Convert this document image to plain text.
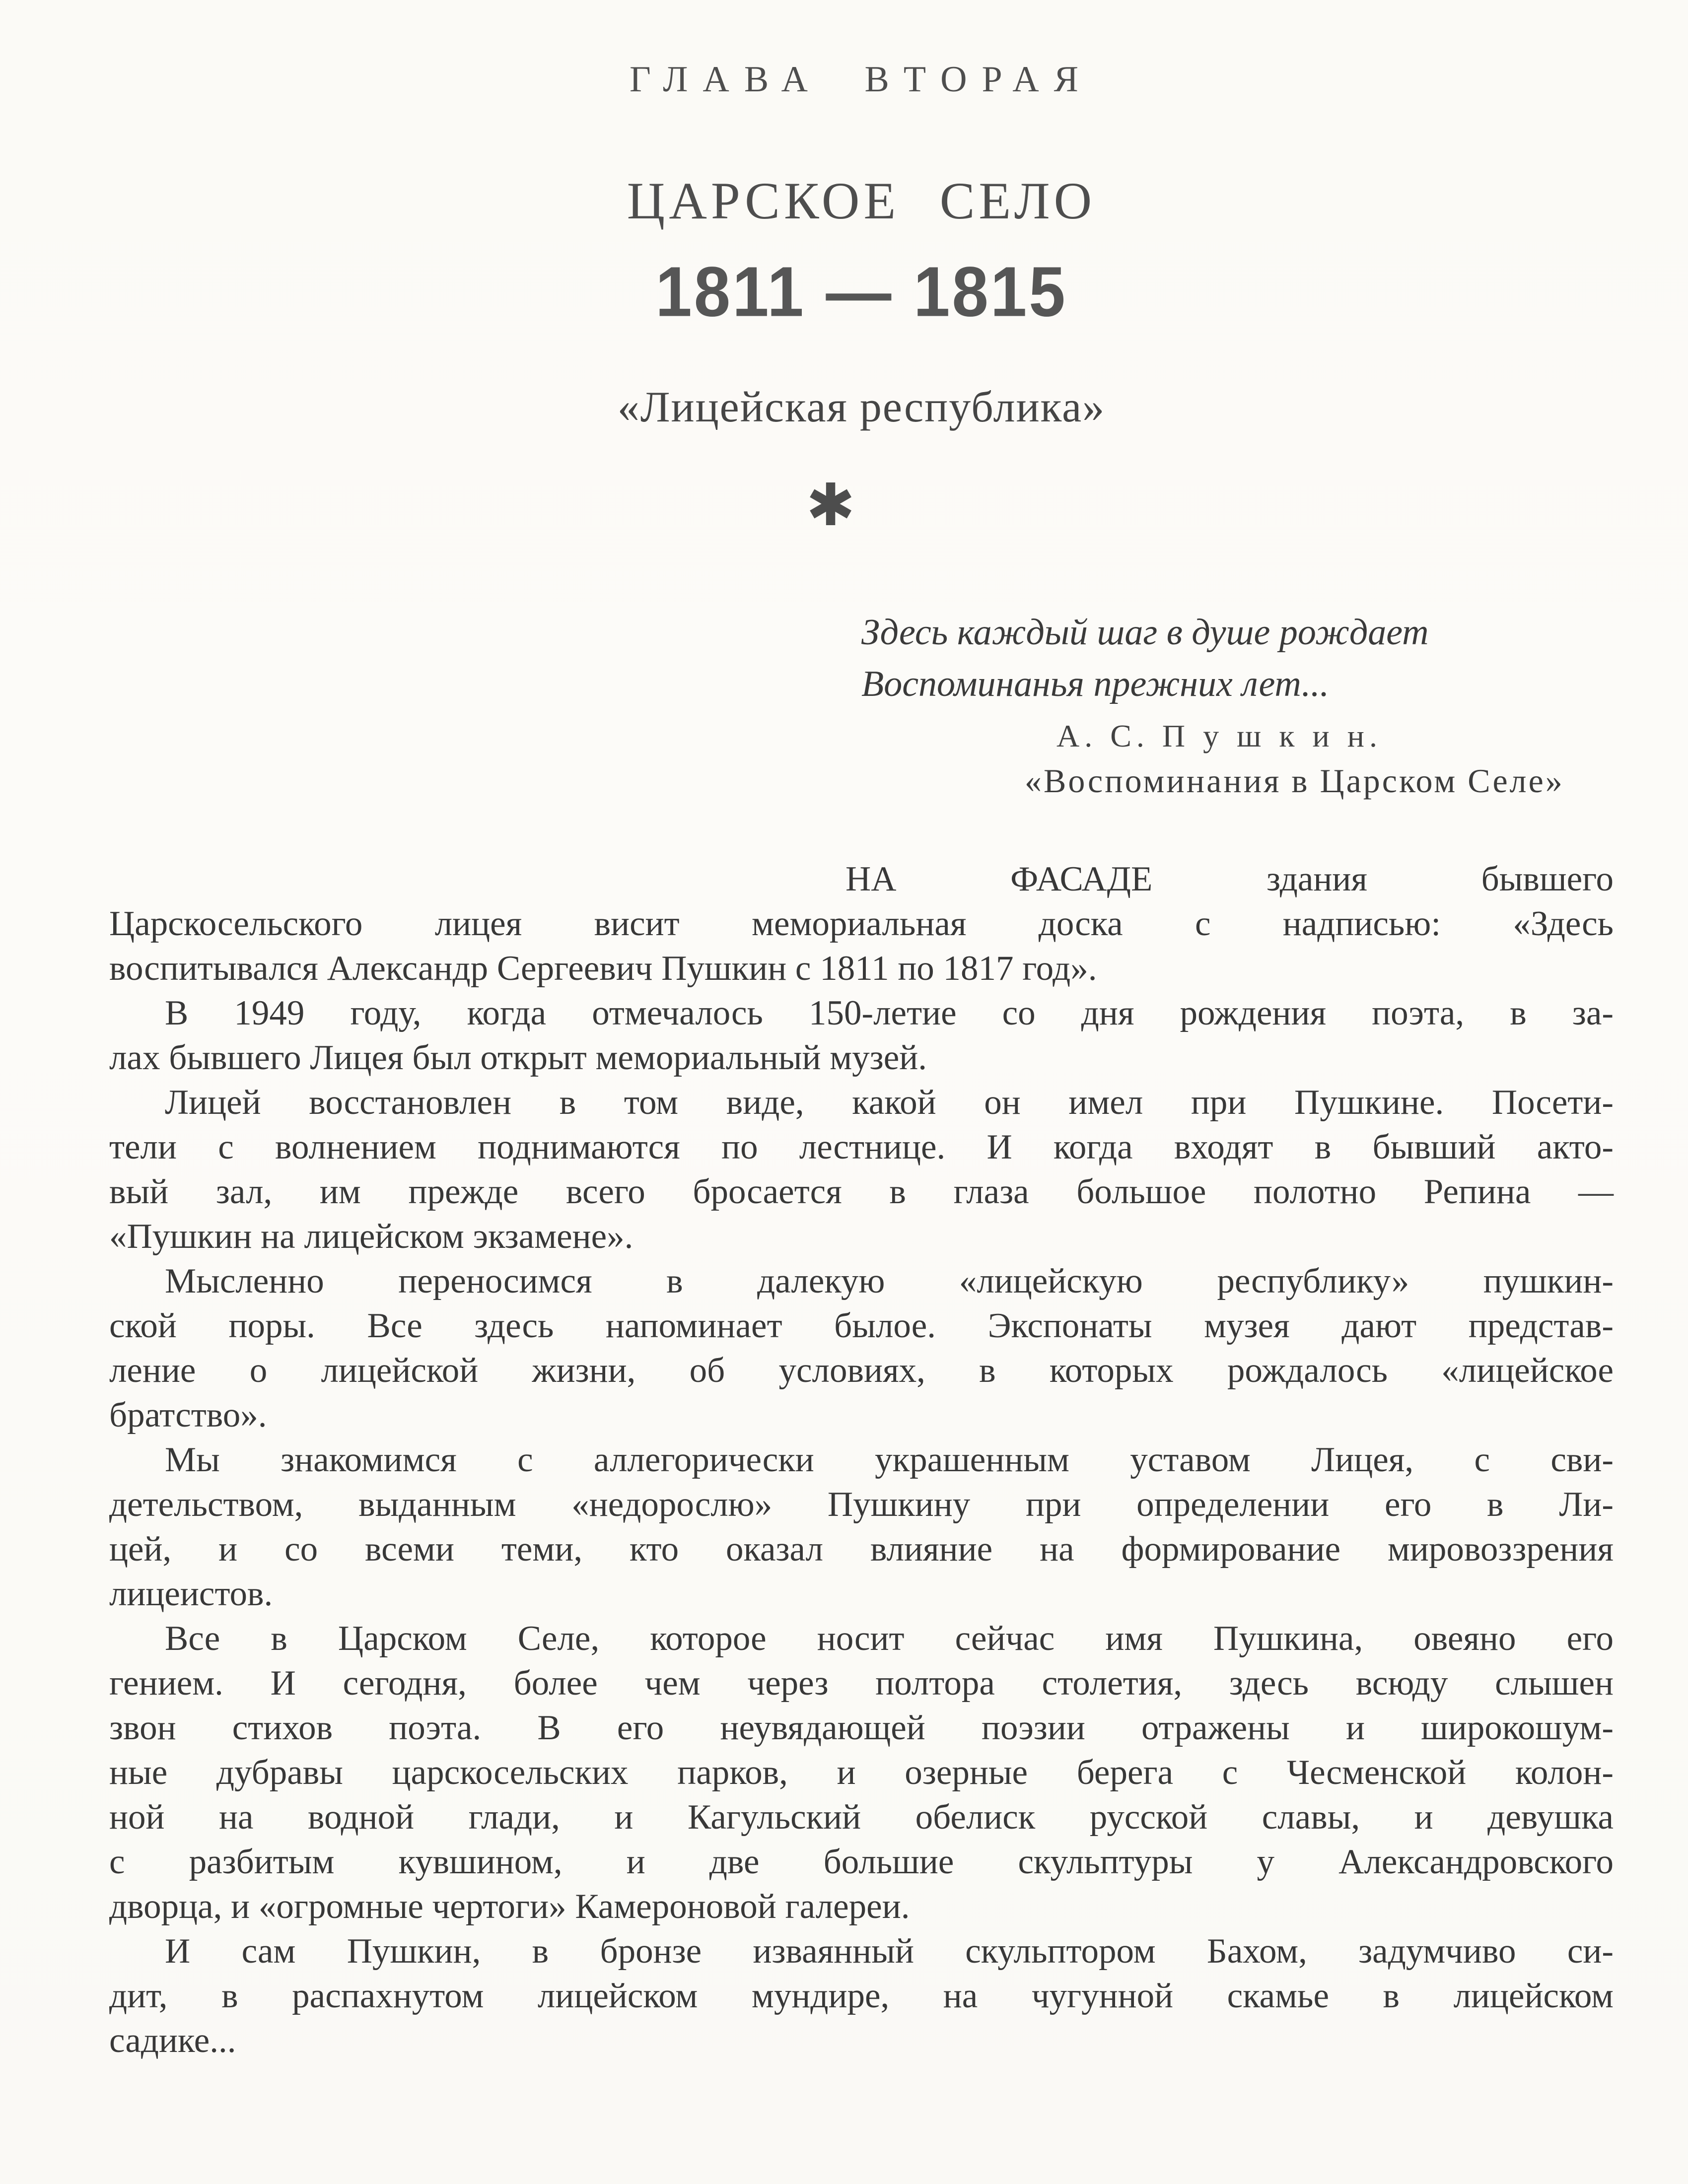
ГЛАВА ВТОРАЯ
ЦАРСКОЕ СЕЛО
1811 — 1815
«Лицейская республика»
✱
Здесь каждый шаг в душе рождает
Воспоминанья прежних лет...
А. С. П у ш к и н.
«Воспоминания в Царском Селе»
НА ФАСАДЕ здания бывшего
Царскосельского лицея висит мемориальная доска с надписью: «Здесь
воспитывался Александр Сергеевич Пушкин с 1811 по 1817 год».
В 1949 году, когда отмечалось 150-летие со дня рождения поэта, в за-
лах бывшего Лицея был открыт мемориальный музей.
Лицей восстановлен в том виде, какой он имел при Пушкине. Посети-
тели с волнением поднимаются по лестнице. И когда входят в бывший акто-
вый зал, им прежде всего бросается в глаза большое полотно Репина —
«Пушкин на лицейском экзамене».
Мысленно переносимся в далекую «лицейскую республику» пушкин-
ской поры. Все здесь напоминает былое. Экспонаты музея дают представ-
ление о лицейской жизни, об условиях, в которых рождалось «лицейское
братство».
Мы знакомимся с аллегорически украшенным уставом Лицея, с сви-
детельством, выданным «недорослю» Пушкину при определении его в Ли-
цей, и со всеми теми, кто оказал влияние на формирование мировоззрения
лицеистов.
Все в Царском Селе, которое носит сейчас имя Пушкина, овеяно его
гением. И сегодня, более чем через полтора столетия, здесь всюду слышен
звон стихов поэта. В его неувядающей поэзии отражены и широкошум-
ные дубравы царскосельских парков, и озерные берега с Чесменской колон-
ной на водной глади, и Кагульский обелиск русской славы, и девушка
с разбитым кувшином, и две большие скульптуры у Александровского
дворца, и «огромные чертоги» Камероновой галереи.
И сам Пушкин, в бронзе изваянный скульптором Бахом, задумчиво си-
дит, в распахнутом лицейском мундире, на чугунной скамье в лицейском
садике...
